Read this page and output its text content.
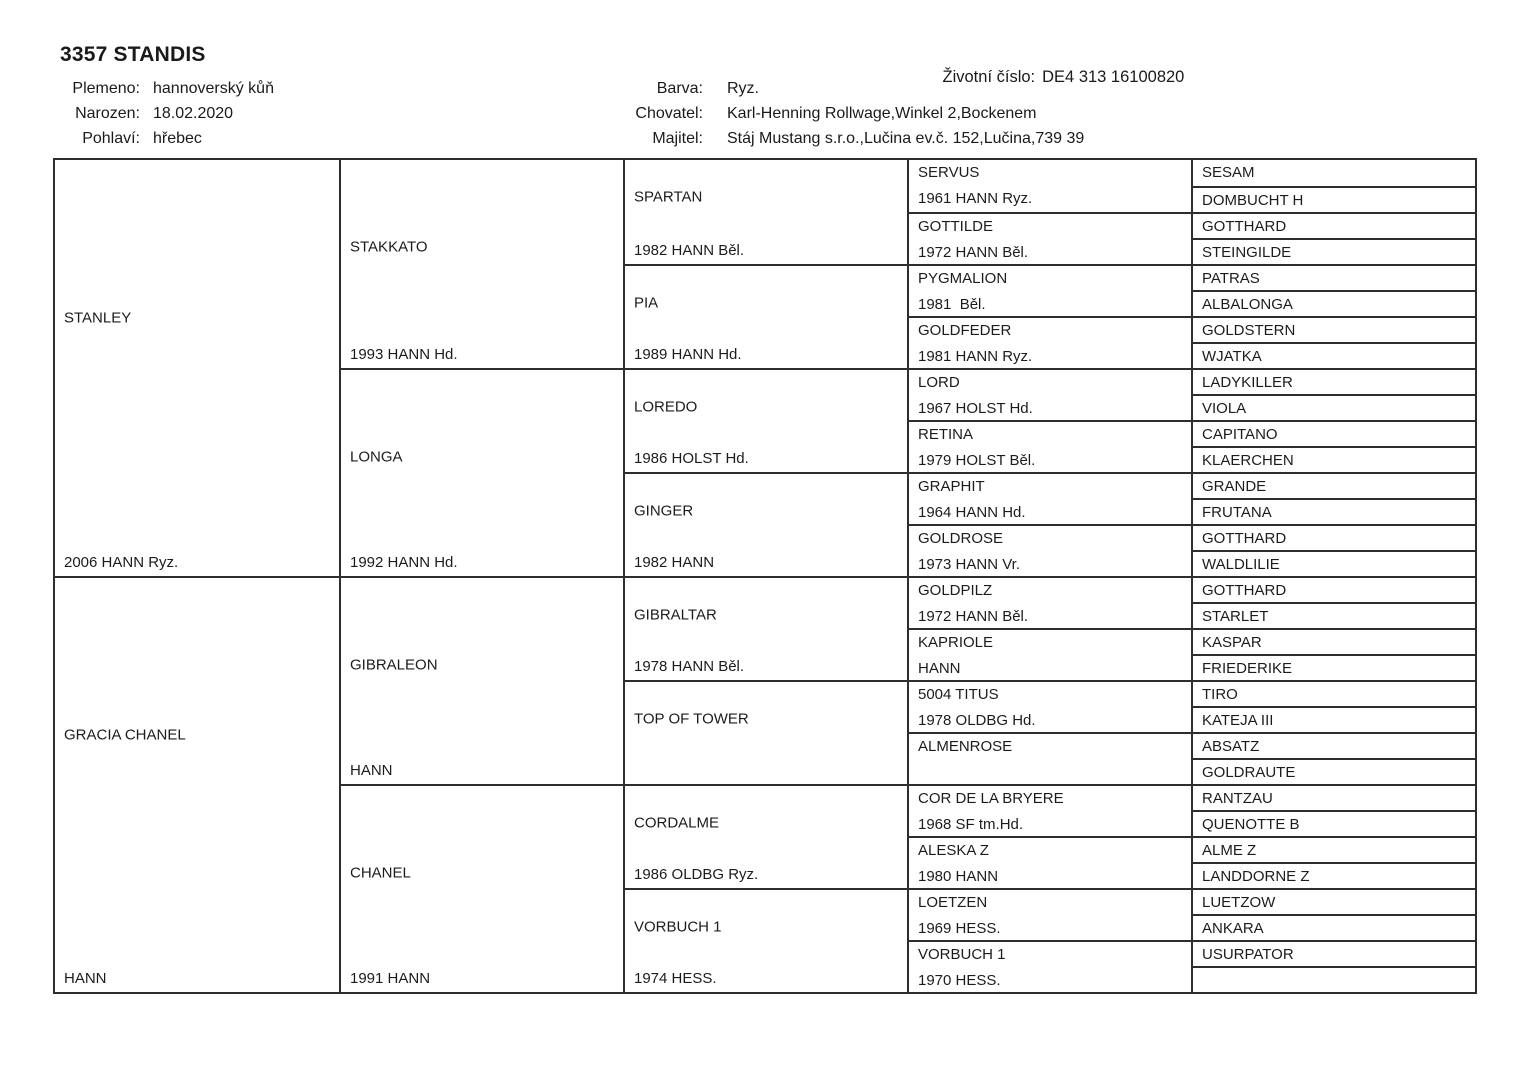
3357 STANDIS

Životní číslo: DE4 313 16100820

Plemeno: hannoverský kůň
Narozen: 18.02.2020
Pohlaví: hřebec
Barva: Ryz.
Chovatel: Karl-Henning Rollwage,Winkel 2,Bockenem
Majitel: Stáj Mustang s.r.o.,Lučina ev.č. 152,Lučina,739 39
STANLEY
2006 HANN Ryz.
GRACIA CHANEL
HANN
STAKKATO
1993 HANN Hd.
LONGA
1992 HANN Hd.
GIBRALEON
HANN
CHANEL
1991 HANN
SPARTAN
1982 HANN Běl.
PIA
1989 HANN Hd.
LOREDO
1986 HOLST Hd.
GINGER
1982 HANN
GIBRALTAR
1978 HANN Běl.
TOP OF TOWER
CORDALME
1986 OLDBG Ryz.
VORBUCH 1
1974 HESS.
SERVUS
1961 HANN Ryz.
GOTTILDE
1972 HANN Běl.
PYGMALION
1981  Běl.
GOLDFEDER
1981 HANN Ryz.
LORD
1967 HOLST Hd.
RETINA
1979 HOLST Běl.
GRAPHIT
1964 HANN Hd.
GOLDROSE
1973 HANN Vr.
GOLDPILZ
1972 HANN Běl.
KAPRIOLE
HANN
5004 TITUS
1978 OLDBG Hd.
ALMENROSE
COR DE LA BRYERE
1968 SF tm.Hd.
ALESKA Z
1980 HANN
LOETZEN
1969 HESS.
VORBUCH 1
1970 HESS.
SESAM
DOMBUCHT H
GOTTHARD
STEINGILDE
PATRAS
ALBALONGA
GOLDSTERN
WJATKA
LADYKILLER
VIOLA
CAPITANO
KLAERCHEN
GRANDE
FRUTANA
GOTTHARD
WALDLILIE
GOTTHARD
STARLET
KASPAR
FRIEDERIKE
TIRO
KATEJA III
ABSATZ
GOLDRAUTE
RANTZAU
QUENOTTE B
ALME Z
LANDDORNE Z
LUETZOW
ANKARA
USURPATOR
